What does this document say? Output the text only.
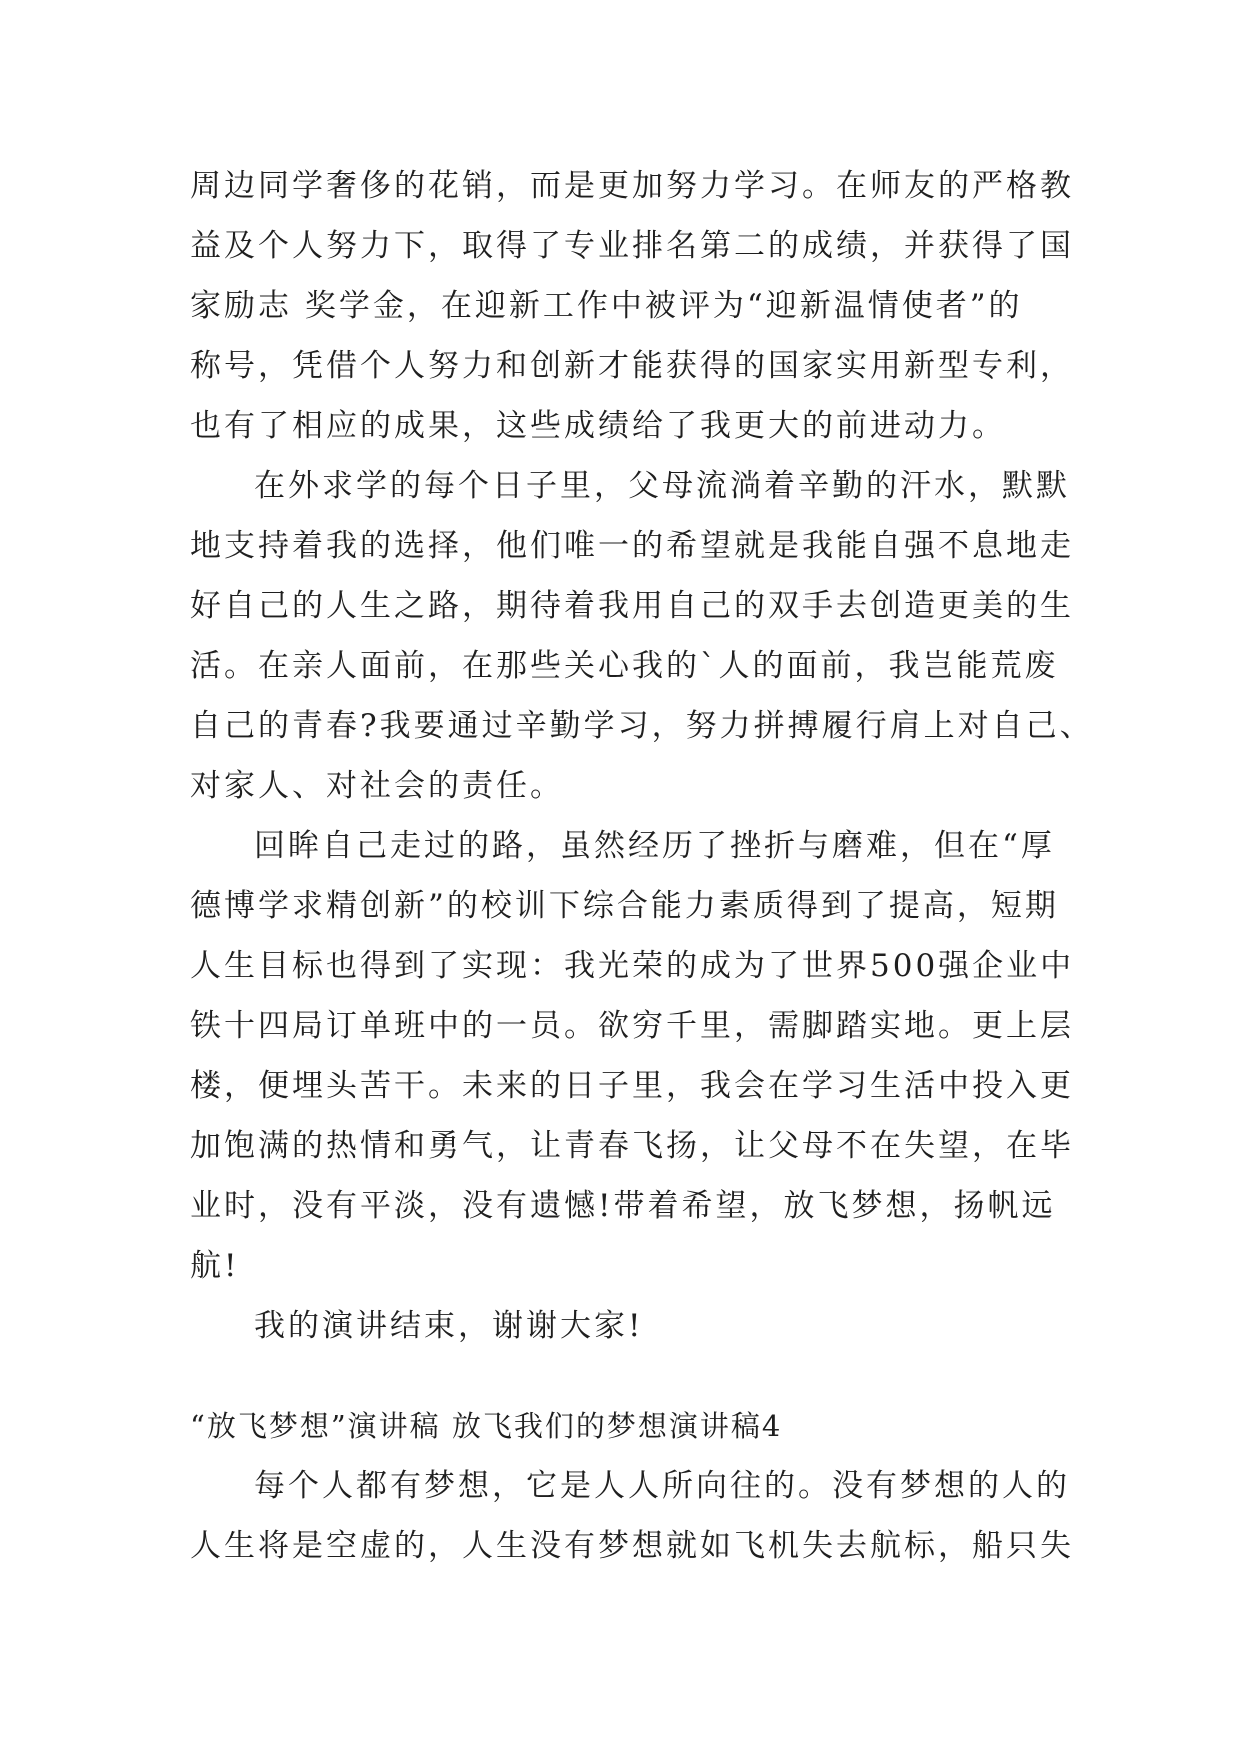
周边同学奢侈的花销，而是更加努力学习。在师友的严格教
益及个人努力下，取得了专业排名第二的成绩，并获得了国
家励志 奖学金，在迎新工作中被评为“迎新温情使者”的
称号，凭借个人努力和创新才能获得的国家实用新型专利，
也有了相应的成果，这些成绩给了我更大的前进动力。
在外求学的每个日子里，父母流淌着辛勤的汗水，默默
地支持着我的选择，他们唯一的希望就是我能自强不息地走
好自己的人生之路，期待着我用自己的双手去创造更美的生
活。在亲人面前，在那些关心我的`人的面前，我岂能荒废
自己的青春?我要通过辛勤学习，努力拼搏履行肩上对自己、
对家人、对社会的责任。
回眸自己走过的路，虽然经历了挫折与磨难，但在“厚
德博学求精创新”的校训下综合能力素质得到了提高，短期
人生目标也得到了实现：我光荣的成为了世界500强企业中
铁十四局订单班中的一员。欲穷千里，需脚踏实地。更上层
楼，便埋头苦干。未来的日子里，我会在学习生活中投入更
加饱满的热情和勇气，让青春飞扬，让父母不在失望，在毕
业时，没有平淡，没有遗憾!带着希望，放飞梦想，扬帆远
航!
我的演讲结束，谢谢大家!
“放飞梦想”演讲稿 放飞我们的梦想演讲稿4
每个人都有梦想，它是人人所向往的。没有梦想的人的
人生将是空虚的，人生没有梦想就如飞机失去航标，船只失
